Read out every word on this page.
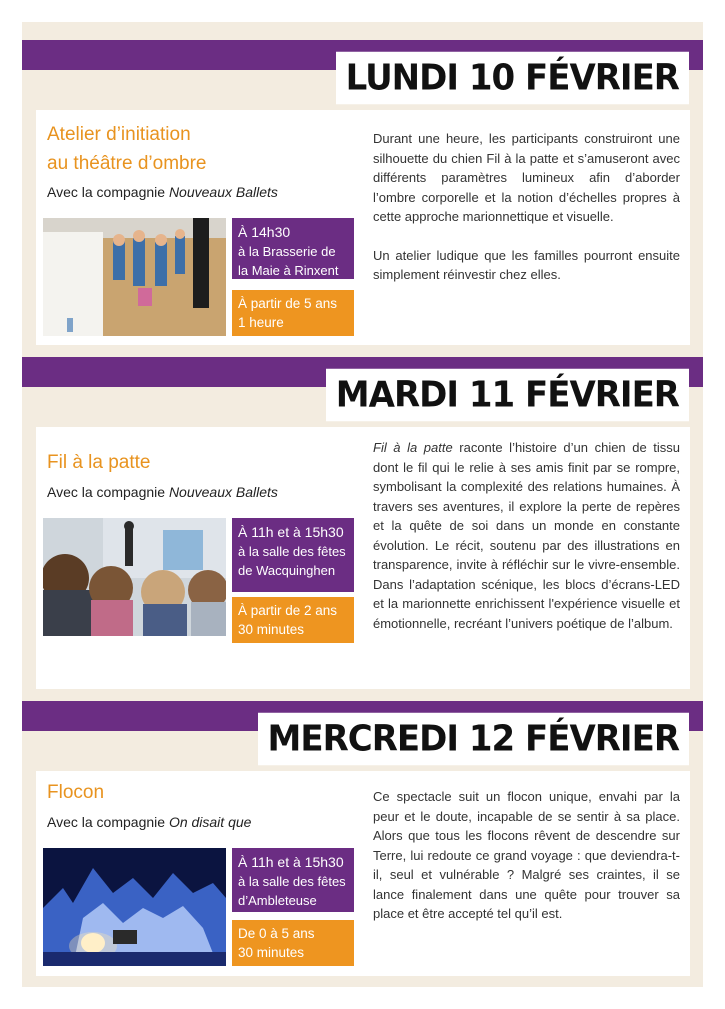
LUNDI 10 FÉVRIER
Atelier d’initiation
au théâtre d’ombre
Avec la compagnie Nouveaux Ballets
À 14h30
à la Brasserie de
la Maie à Rinxent
À partir de 5 ans
1 heure

Durant une heure, les participants construiront une silhouette du chien Fil à la patte et s’amuseront avec différents paramètres lumineux afin d’aborder l’ombre corporelle et la notion d’échelles propres à cette approche marionnettique et visuelle.

Un atelier ludique que les familles pourront ensuite simplement réinvestir chez elles.

MARDI 11 FÉVRIER
Fil à la patte
Avec la compagnie Nouveaux Ballets
À 11h et à 15h30
à la salle des fêtes
de Wacquinghen
À partir de 2 ans
30 minutes

Fil à la patte raconte l’histoire d’un chien de tissu dont le fil qui le relie à ses amis finit par se rompre, symbolisant la complexité des relations humaines. À travers ses aventures, il explore la perte de repères et la quête de soi dans un monde en constante évolution. Le récit, soutenu par des illustrations en transparence, invite à réfléchir sur le vivre-ensemble. Dans l’adaptation scénique, les blocs d’écrans-LED et la marionnette enrichissent l'expérience visuelle et émotionnelle, recréant l’univers poétique de l’album.

MERCREDI 12 FÉVRIER
Flocon
Avec la compagnie On disait que
À 11h et à 15h30
à la salle des fêtes
d’Ambleteuse
De 0 à 5 ans
30 minutes

Ce spectacle suit un flocon unique, envahi par la peur et le doute, incapable de se sentir à sa place. Alors que tous les flocons rêvent de descendre sur Terre, lui redoute ce grand voyage : que deviendra-t-il, seul et vulnérable ? Malgré ses craintes, il se lance finalement dans une quête pour trouver sa place et être accepté tel qu’il est.
